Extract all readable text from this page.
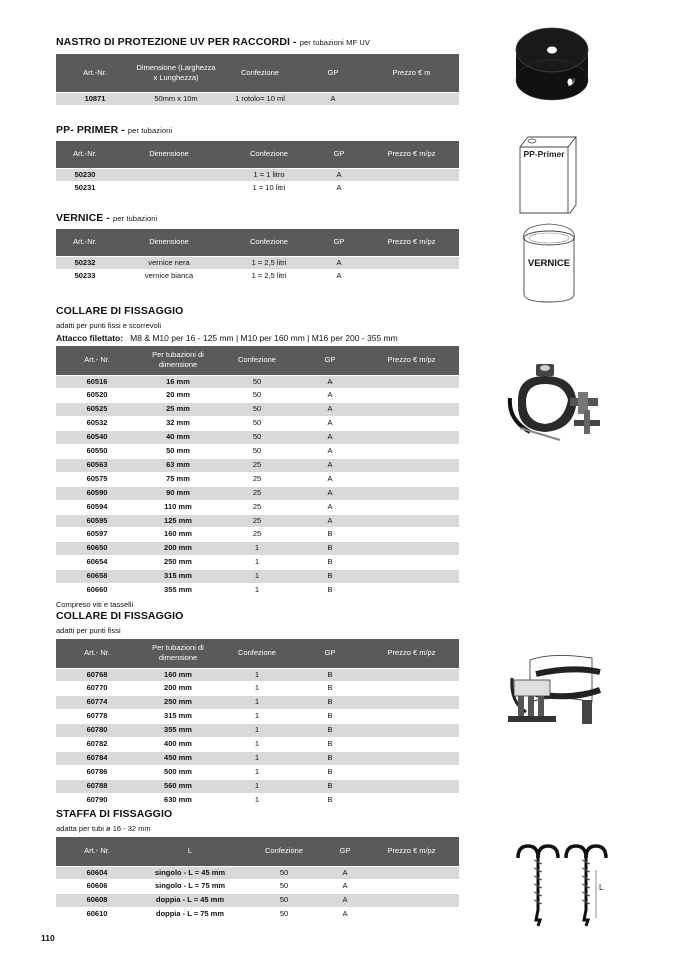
NASTRO DI PROTEZIONE UV PER RACCORDI - per tubazioni MF UV
Art.-Nr.	Dimensione (Larghezza x Lunghezza)	Confezione	GP	Prezzo € m
10871	50mm x 10m	1 rotolo= 10 ml	A	
PP- PRIMER - per tubazioni
Art.-Nr.	Dimensione	Confezione	GP	Prezzo € m/pz
50230		1 = 1 litro	A	
50231		1 = 10 litri	A	
VERNICE - per tubazioni
Art.-Nr.	Dimensione	Confezione	GP	Prezzo € m/pz
50232	vernice nera	1 = 2,5 litri	A	
50233	vernice bianca	1 = 2,5 litri	A	
COLLARE DI FISSAGGIO
adatti per punti fissi e scorrevoli
Attacco filettato: M8 & M10 per 16 - 125 mm | M10 per 160 mm | M16 per 200 - 355 mm
Art.- Nr.	Per tubazioni di dimensione	Confezione	GP	Prezzo € m/pz
60516	16 mm	50	A	
60520	20 mm	50	A	
60525	25 mm	50	A	
60532	32 mm	50	A	
60540	40 mm	50	A	
60550	50 mm	50	A	
60563	63 mm	25	A	
60575	75 mm	25	A	
60590	90 mm	25	A	
60594	110 mm	25	A	
60595	125 mm	25	A	
60597	160 mm	25	B	
60650	200 mm	1	B	
60654	250 mm	1	B	
60658	315 mm	1	B	
60660	355 mm	1	B	
Compreso viti e tasselli
COLLARE DI FISSAGGIO
adatti per punti fissi
Art.- Nr.	Per tubazioni di dimensione	Confezione	GP	Prezzo € m/pz
60768	160 mm	1	B	
60770	200 mm	1	B	
60774	250 mm	1	B	
60778	315 mm	1	B	
60780	355 mm	1	B	
60782	400 mm	1	B	
60784	450 mm	1	B	
60786	500 mm	1	B	
60788	560 mm	1	B	
60790	630 mm	1	B	
STAFFA DI FISSAGGIO
adatta per tubi ø 16 - 32 mm
Art.- Nr.	L	Confezione	GP	Prezzo € m/pz
60604	singolo - L = 45 mm	50	A	
60606	singolo - L = 75 mm	50	A	
60608	doppia - L = 45 mm	50	A	
60610	doppia - L = 75 mm	50	A	
110
PP-Primer
VERNICE
L
